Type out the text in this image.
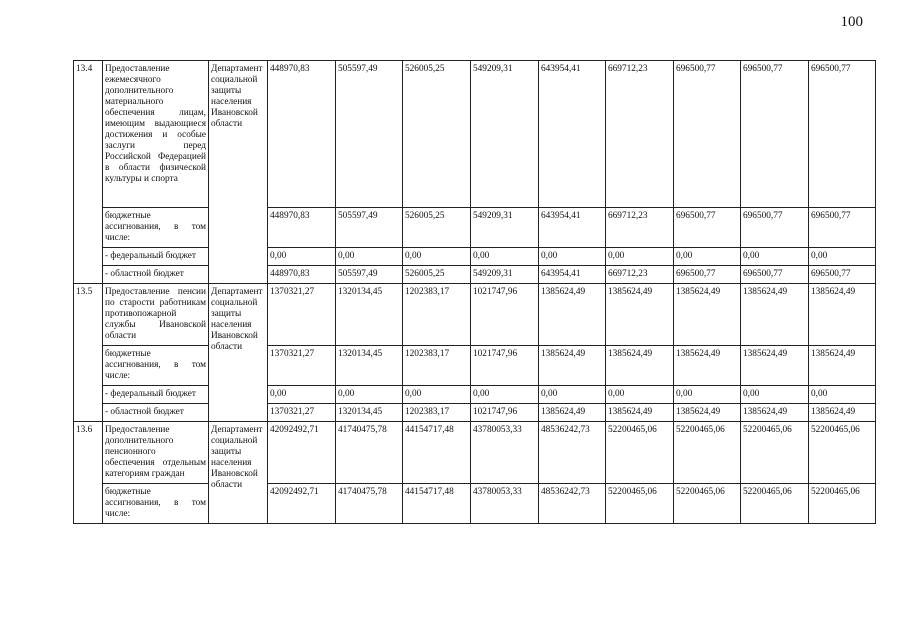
100
13.4	Предоставление ежемесячного дополнительного материального обеспечения лицам, имеющим выдающиеся достижения и особые заслуги перед Российской Федерацией в области физической культуры и спорта	Департамент социальной защиты населения Ивановской области	448970,83	505597,49	526005,25	549209,31	643954,41	669712,23	696500,77	696500,77	696500,77
	бюджетные ассигнования, в том числе:		448970,83	505597,49	526005,25	549209,31	643954,41	669712,23	696500,77	696500,77	696500,77
	- федеральный бюджет		0,00	0,00	0,00	0,00	0,00	0,00	0,00	0,00	0,00
	- областной бюджет		448970,83	505597,49	526005,25	549209,31	643954,41	669712,23	696500,77	696500,77	696500,77
13.5	Предоставление пенсии по старости работникам противопожарной службы Ивановской области	Департамент социальной защиты населения Ивановской области	1370321,27	1320134,45	1202383,17	1021747,96	1385624,49	1385624,49	1385624,49	1385624,49	1385624,49
	бюджетные ассигнования, в том числе:		1370321,27	1320134,45	1202383,17	1021747,96	1385624,49	1385624,49	1385624,49	1385624,49	1385624,49
	- федеральный бюджет		0,00	0,00	0,00	0,00	0,00	0,00	0,00	0,00	0,00
	- областной бюджет		1370321,27	1320134,45	1202383,17	1021747,96	1385624,49	1385624,49	1385624,49	1385624,49	1385624,49
13.6	Предоставление дополнительного пенсионного обеспечения отдельным категориям граждан	Департамент социальной защиты населения Ивановской области	42092492,71	41740475,78	44154717,48	43780053,33	48536242,73	52200465,06	52200465,06	52200465,06	52200465,06
	бюджетные ассигнования, в том числе:		42092492,71	41740475,78	44154717,48	43780053,33	48536242,73	52200465,06	52200465,06	52200465,06	52200465,06
